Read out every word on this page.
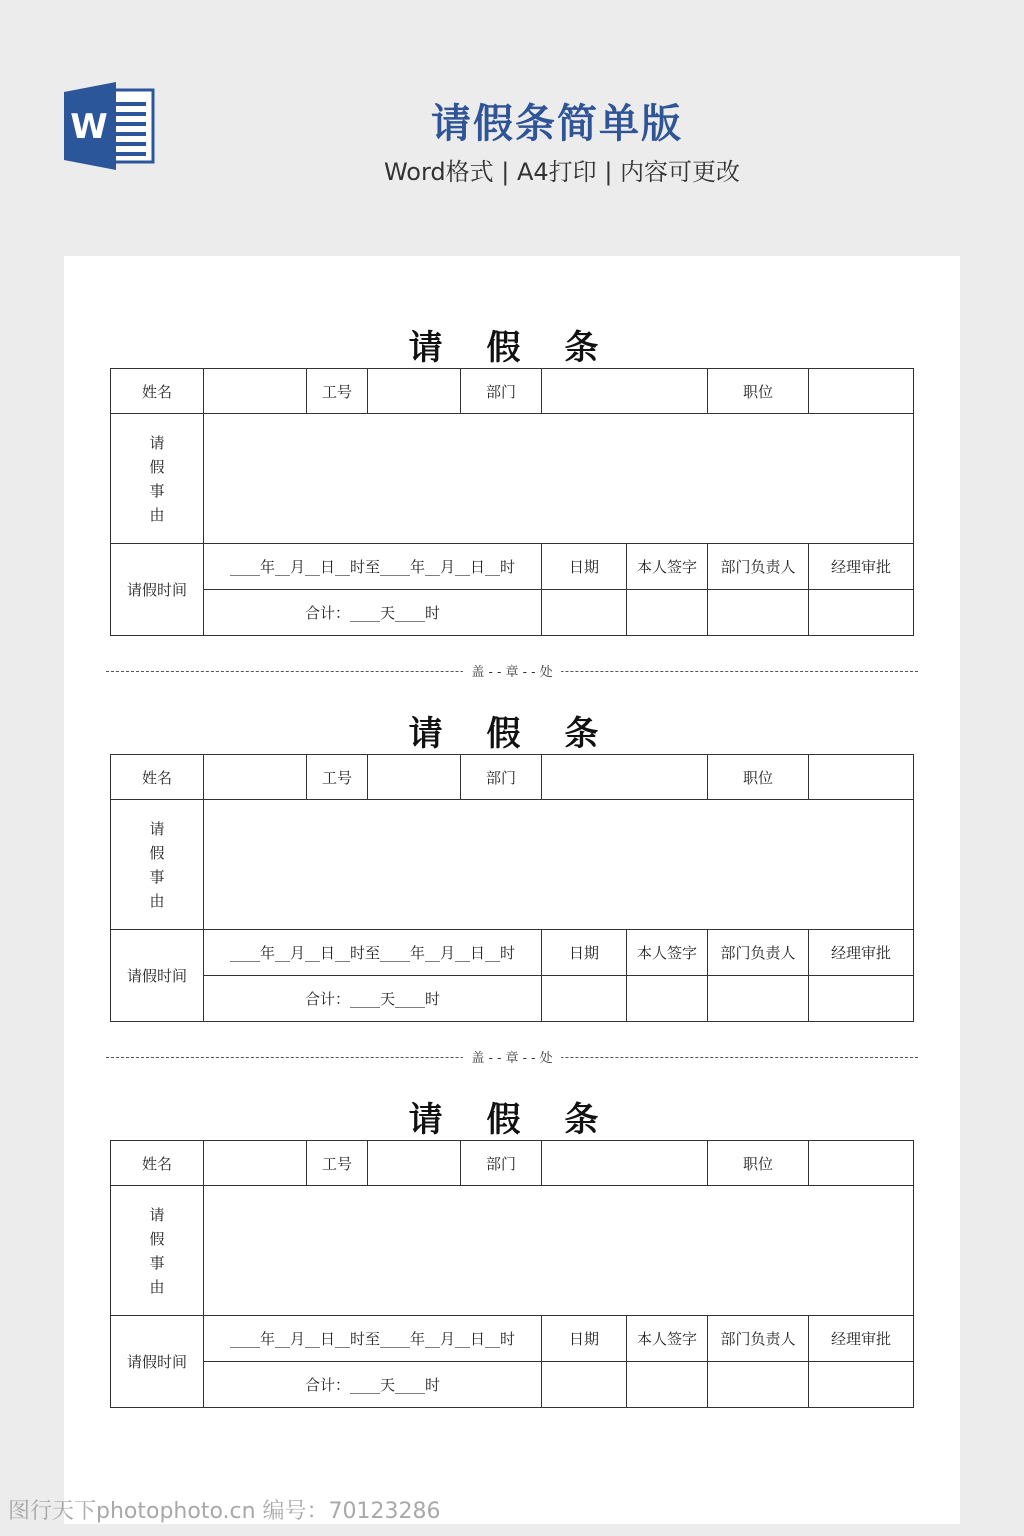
W	请假条简单版
Word格式 | A4打印 | 内容可更改
请 假 条
姓名		工号		部门			职位	

请
假
事
由								

请假时间	____年__月__日__时至____年__月__日__时				日期	本人签字	部门负责人	经理审批
	合计：____天____时							
盖 - - 章 - - 处
请 假 条
姓名		工号		部门			职位	

请
假
事
由								

请假时间	____年__月__日__时至____年__月__日__时				日期	本人签字	部门负责人	经理审批
	合计：____天____时							
盖 - - 章 - - 处
请 假 条
姓名		工号		部门			职位	

请
假
事
由								

请假时间	____年__月__日__时至____年__月__日__时				日期	本人签字	部门负责人	经理审批
	合计：____天____时							
图行天下photophoto.cn 编号：70123286
